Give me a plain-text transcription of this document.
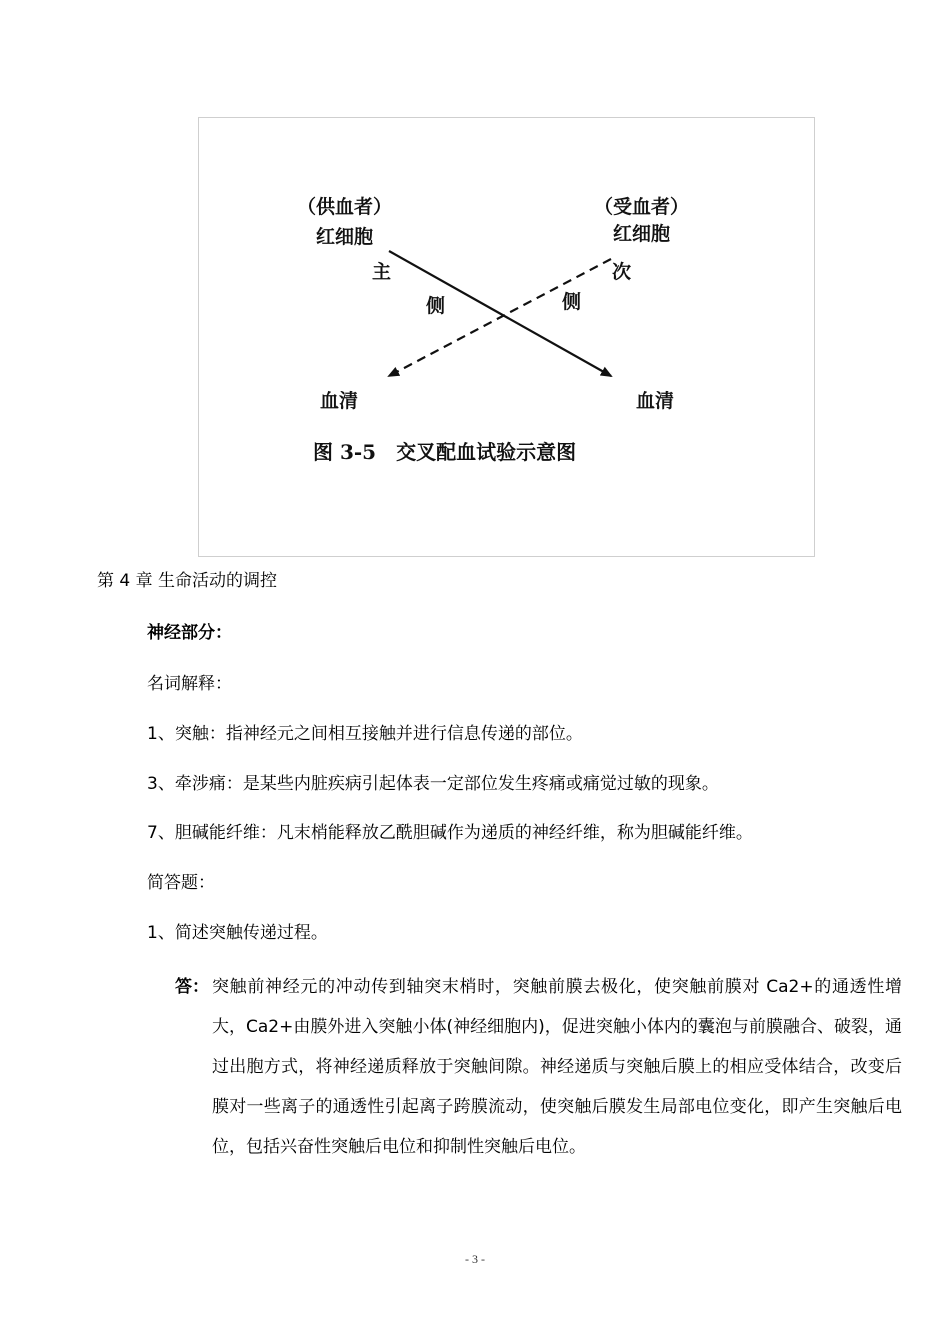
（供血者）
红细胞
（受血者）
红细胞
主
侧
次
侧
血清	血清
图 3-5　交叉配血试验示意图
第 4 章 生命活动的调控
神经部分：
名词解释：
1、突触：指神经元之间相互接触并进行信息传递的部位。
3、牵涉痛：是某些内脏疾病引起体表一定部位发生疼痛或痛觉过敏的现象。
7、胆碱能纤维：凡末梢能释放乙酰胆碱作为递质的神经纤维，称为胆碱能纤维。
简答题：
1、简述突触传递过程。
答： 突触前神经元的冲动传到轴突末梢时，突触前膜去极化，使突触前膜对 Ca2+的通透性增大，Ca2+由膜外进入突触小体(神经细胞内)，促进突触小体内的囊泡与前膜融合、破裂，通过出胞方式，将神经递质释放于突触间隙。神经递质与突触后膜上的相应受体结合，改变后膜对一些离子的通透性引起离子跨膜流动，使突触后膜发生局部电位变化，即产生突触后电位，包括兴奋性突触后电位和抑制性突触后电位。
- 3 -
